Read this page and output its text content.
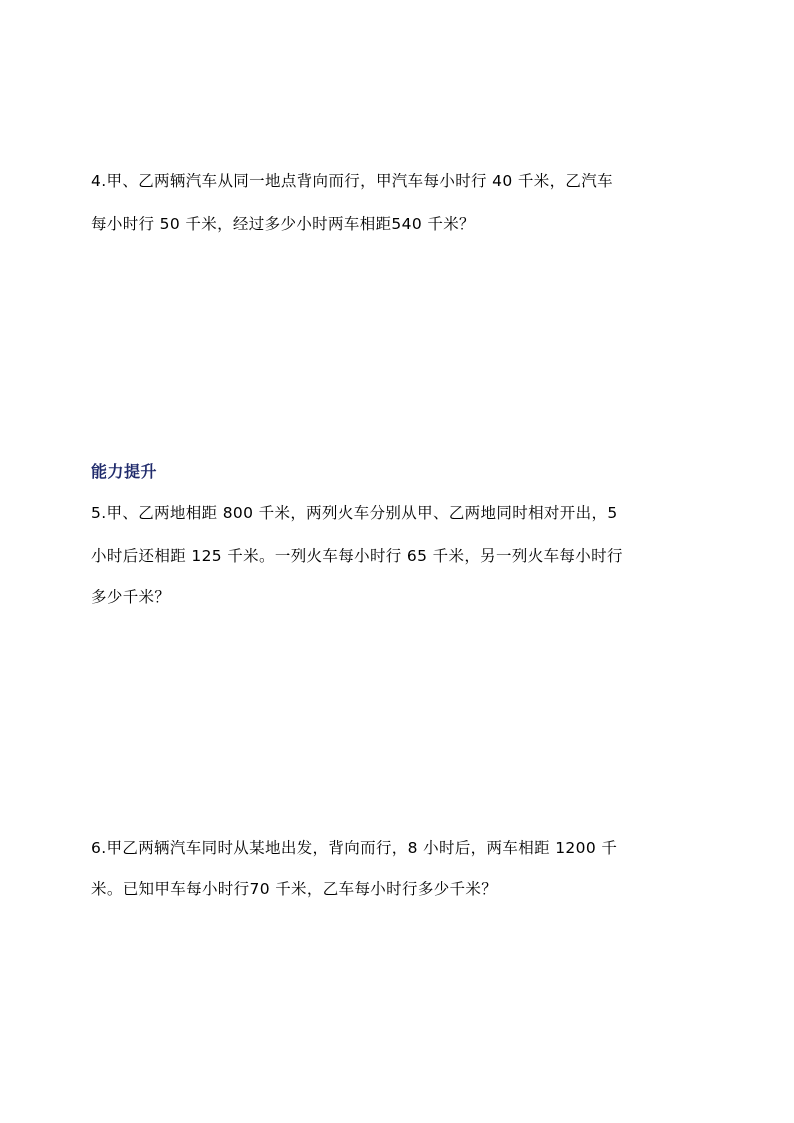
4.甲、乙两辆汽车从同一地点背向而行，甲汽车每小时行 40 千米，乙汽车
每小时行 50 千米，经过多少小时两车相距540 千米？
能力提升
5.甲、乙两地相距 800 千米，两列火车分别从甲、乙两地同时相对开出，5
小时后还相距 125 千米。一列火车每小时行 65 千米，另一列火车每小时行
多少千米？
6.甲乙两辆汽车同时从某地出发，背向而行，8 小时后，两车相距 1200 千
米。已知甲车每小时行70 千米，乙车每小时行多少千米？
